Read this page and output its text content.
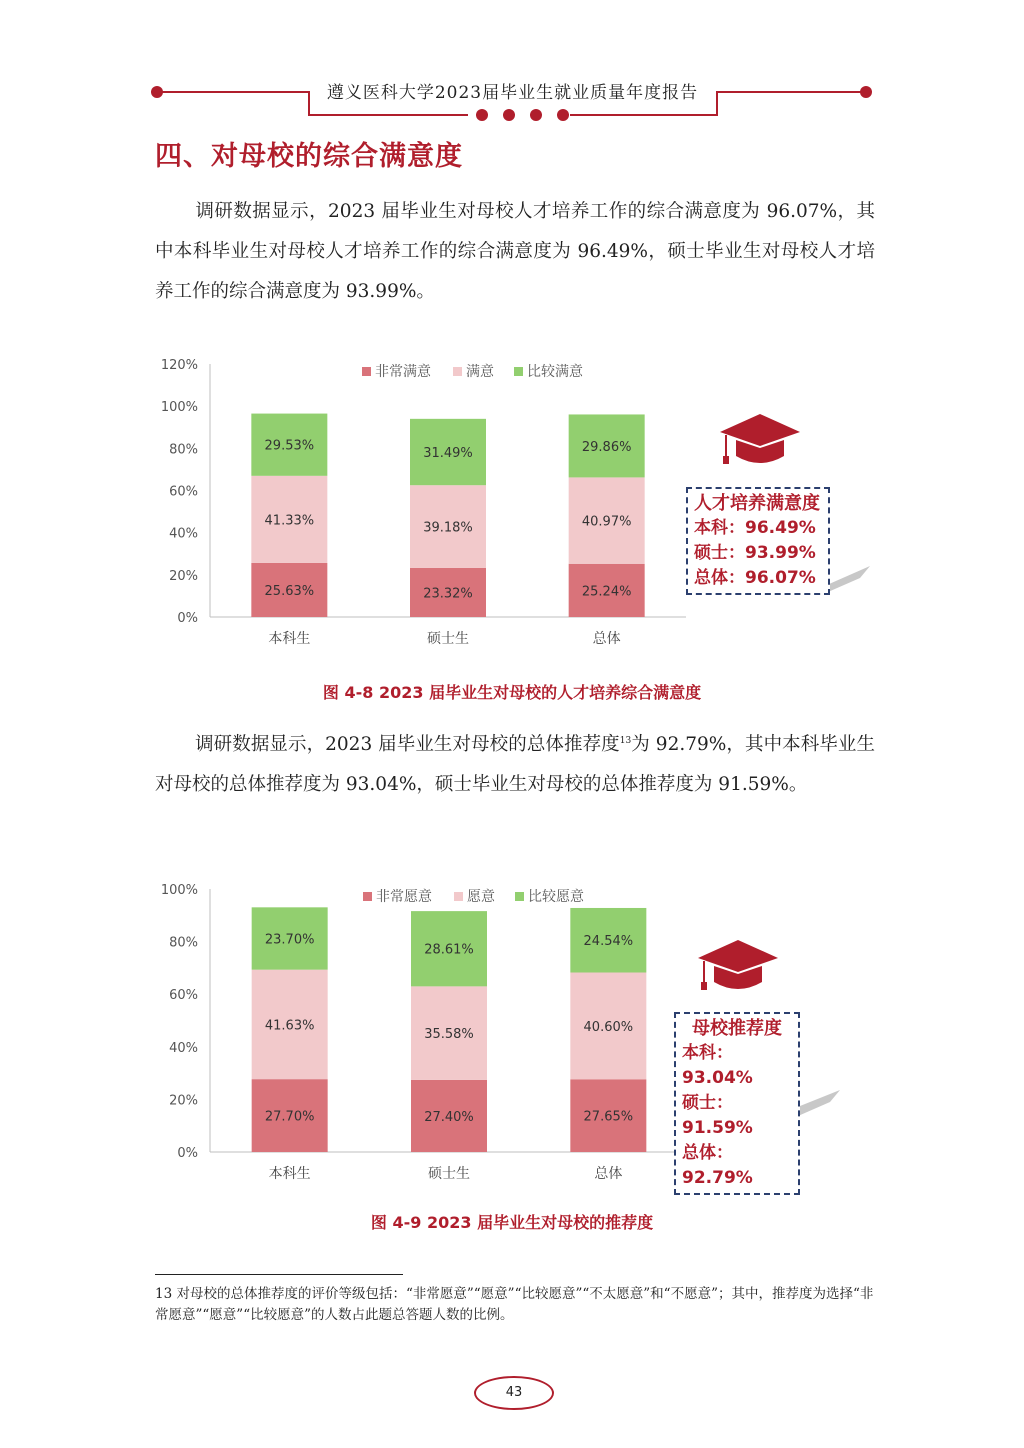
遵义医科大学2023届毕业生就业质量年度报告
四、对母校的综合满意度

调研数据显示，2023 届毕业生对母校人才培养工作的综合满意度为 96.07%，其中本科毕业生对母校人才培养工作的综合满意度为 96.49%，硕士毕业生对母校人才培养工作的综合满意度为 93.99%。

0%
20%
40%
60%
80%
100%
120%
25.63%
41.33%
29.53%
本科生
23.32%
39.18%
31.49%
硕士生
25.24%
40.97%
29.86%
总体
非常满意	满意 比较满意
人才培养满意度
本科：96.49%
硕士：93.99%
总体：96.07%
图 4-8 2023 届毕业生对母校的人才培养综合满意度

调研数据显示，2023 届毕业生对母校的总体推荐度$^{13}$为 92.79%，其中本科毕业生对母校的总体推荐度为 93.04%，硕士毕业生对母校的总体推荐度为 91.59%。

0%
20%
40%
60%
80%
100%
27.70%
41.63%
23.70%
本科生
27.40%
35.58%
28.61%
硕士生
27.65%
40.60%
24.54%
总体
非常愿意	愿意 比较愿意
母校推荐度
本科：93.04%
硕士：91.59%
总体：92.79%
图 4-9 2023 届毕业生对母校的推荐度
13 对母校的总体推荐度的评价等级包括：“非常愿意”“愿意”“比较愿意”“不太愿意”和“不愿意”；其中，推荐度为选择“非常愿意”“愿意”“比较愿意”的人数占此题总答题人数的比例。
43
